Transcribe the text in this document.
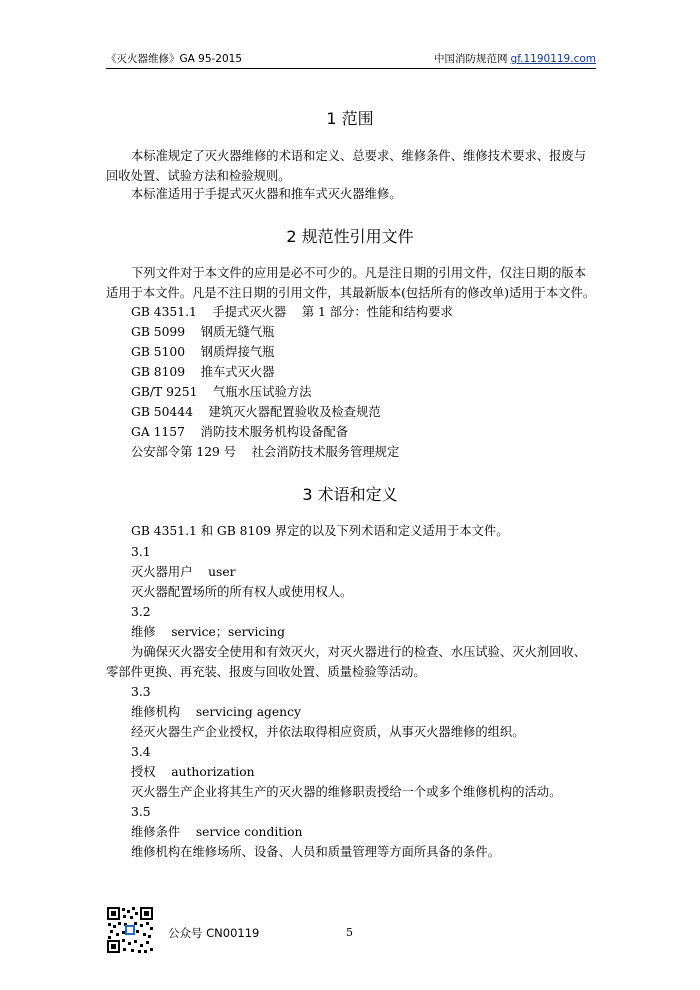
《灭火器维修》GA 95-2015	中国消防规范网 gf.1190119.com
1 范围
本标准规定了灭火器维修的术语和定义、总要求、维修条件、维修技术要求、报废与回收处置、试验方法和检验规则。
本标准适用于手提式灭火器和推车式灭火器维修。
2 规范性引用文件
下列文件对于本文件的应用是必不可少的。凡是注日期的引用文件，仅注日期的版本适用于本文件。凡是不注日期的引用文件，其最新版本(包括所有的修改单)适用于本文件。
GB 4351.1    手提式灭火器    第 1 部分：性能和结构要求
GB 5099    钢质无缝气瓶
GB 5100    钢质焊接气瓶
GB 8109    推车式灭火器
GB/T 9251    气瓶水压试验方法
GB 50444    建筑灭火器配置验收及检查规范
GA 1157    消防技术服务机构设备配备
公安部令第 129 号    社会消防技术服务管理规定
3 术语和定义
GB 4351.1 和 GB 8109 界定的以及下列术语和定义适用于本文件。
3.1
灭火器用户    user
灭火器配置场所的所有权人或使用权人。
3.2
维修    service；servicing
为确保灭火器安全使用和有效灭火，对灭火器进行的检查、水压试验、灭火剂回收、零部件更换、再充装、报废与回收处置、质量检验等活动。
3.3
维修机构    servicing agency
经灭火器生产企业授权，并依法取得相应资质，从事灭火器维修的组织。
3.4
授权    authorization
灭火器生产企业将其生产的灭火器的维修职责授给一个或多个维修机构的活动。
3.5
维修条件    service condition
维修机构在维修场所、设备、人员和质量管理等方面所具备的条件。
公众号 CN00119	5
